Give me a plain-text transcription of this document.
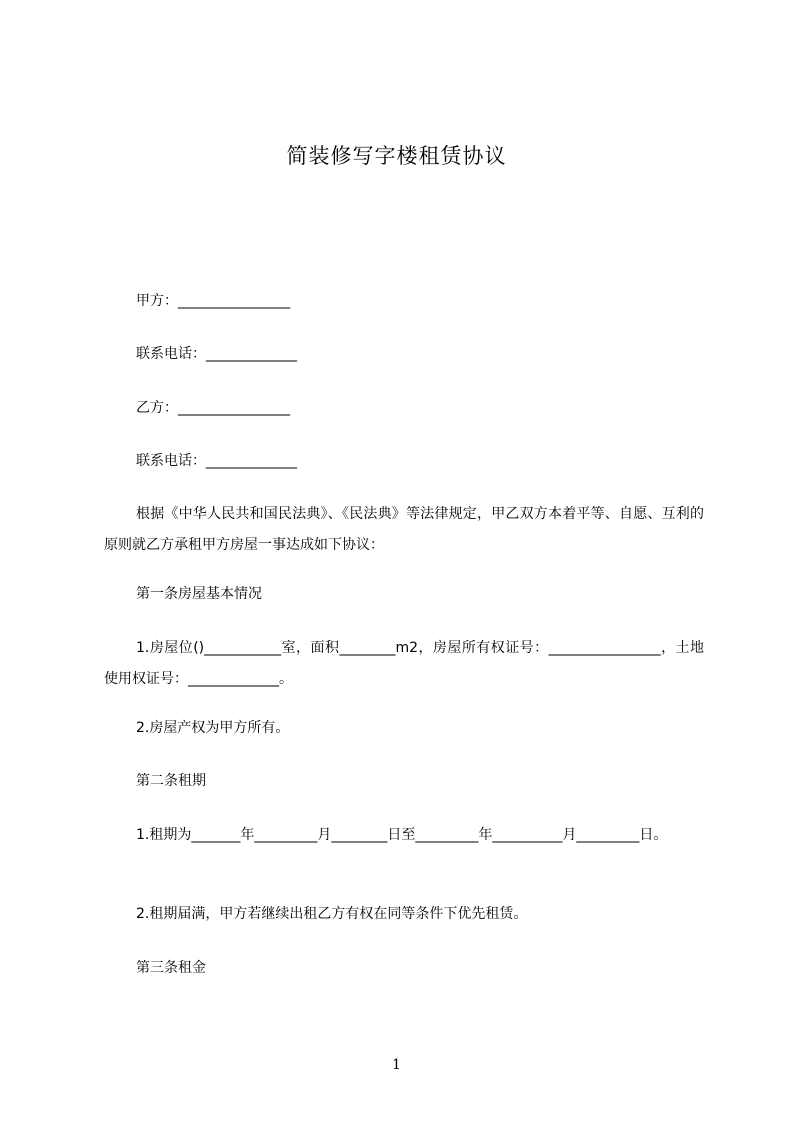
简装修写字楼租赁协议
甲方：________________
联系电话：_____________
乙方：________________
联系电话：_____________
根据《中华人民共和国民法典》、《民法典》等法律规定，甲乙双方本着平等、自愿、互利的原则就乙方承租甲方房屋一事达成如下协议：
第一条房屋基本情况
1.房屋位()___________室，面积________m2，房屋所有权证号：________________，土地使用权证号：_____________。
2.房屋产权为甲方所有。
第二条租期
1.租期为_______年_________月________日至_________年__________月_________日。
2.租期届满，甲方若继续出租乙方有权在同等条件下优先租赁。
第三条租金
1
